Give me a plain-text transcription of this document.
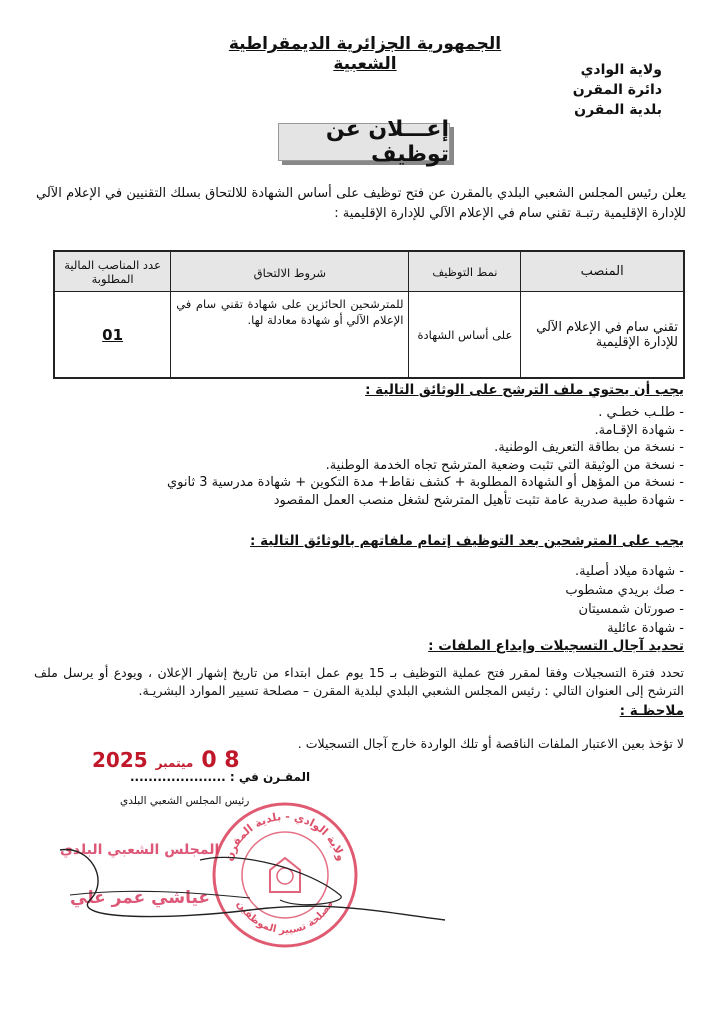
الجمهورية الجزائرية الديمقراطية الشعبية	ولاية الوادي
دائرة المقرن
بلدية المقرن
إعـــلان عن توظيف
يعلن رئيس المجلس الشعبي البلدي بالمقرن عن فتح توظيف على أساس الشهادة للالتحاق بسلك التقنيين في الإعلام الآلي للإدارة الإقليمية رتبـة تقني سام في الإعلام الآلي للإدارة الإقليمية :
المنصب	نمط التوظيف	شروط الالتحاق	عدد المناصب المالية المطلوبة
تقني سام في الإعلام الآلي للإدارة الإقليمية	على أساس الشهادة	للمترشحين الحائزين على شهادة تقني سام في الإعلام الآلي أو شهادة معادلة لها.	01
يجب أن يحتوي ملف الترشح على الوثائق التالية :
- طلـب خطـي .
- شهادة الإقـامة.
- نسخة من بطاقة التعريف الوطنية.
- نسخة من الوثيقة التي تثبت وضعية المترشح تجاه الخدمة الوطنية.
- نسخة من المؤهل أو الشهادة المطلوبة + كشف نقاط+ مدة التكوين + شهادة مدرسية 3 ثانوي
- شهادة طبية صدرية عامة تثبت تأهيل المترشح لشغل منصب العمل المقصود
يجب على المترشحين بعد التوظيف إتمام ملفاتهم بالوثائق التالية :
- شهادة ميلاد أصلية.
- صك بريدي مشطوب
- صورتان شمسيتان
- شهادة عائلية
تحديد آجال التسجيلات وإيداع الملفات :
تحدد فترة التسجيلات وفقا لمقرر فتح عملية التوظيف بـ 15 يوم عمل ابتداء من تاريخ إشهار الإعلان ، ويودع أو يرسل ملف الترشح إلى العنوان التالي : رئيس المجلس الشعبي البلدي لبلدية المقرن – مصلحة تسيير الموارد البشريـة.
ملاحظـة :
لا تؤخذ بعين الاعتبار الملفات الناقصة أو تلك الواردة خارج آجال التسجيلات .
2025 ميتمبر 0 8
المقـرن في : .....................
رئيس المجلس الشعبي البلدي
ولاية الوادي - بلدية المقرن
مصلحة تسيير الموظفين
المجلس الشعبي البلدي
عياشي عمر علي
